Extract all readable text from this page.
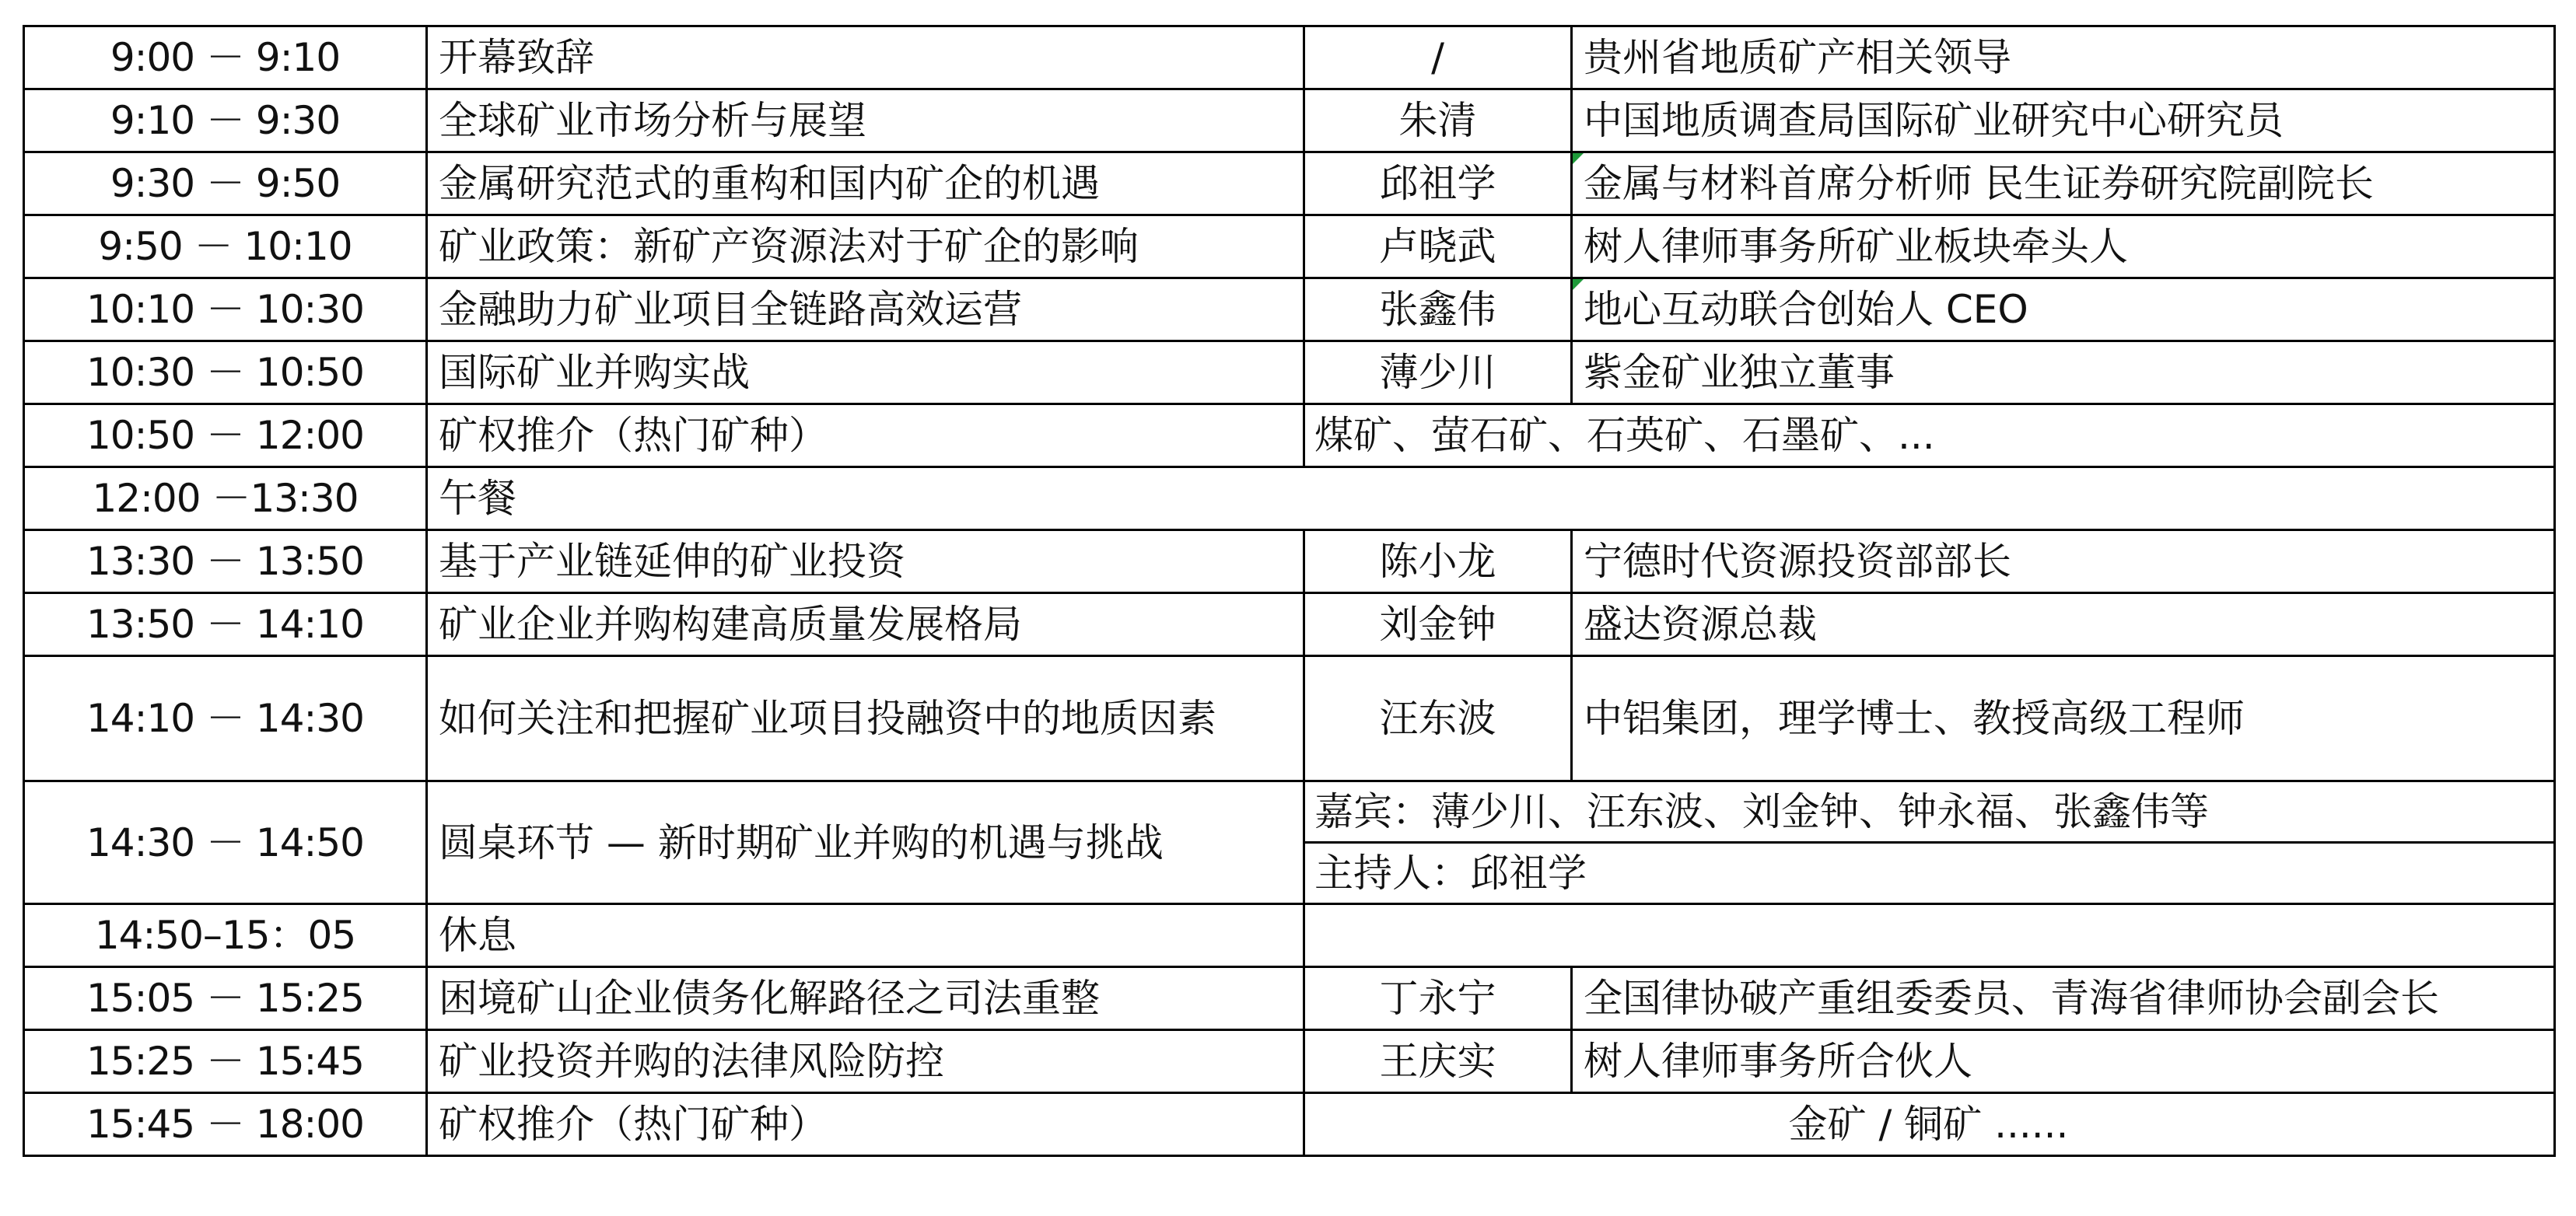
9:00 － 9:10	开幕致辞	/	贵州省地质矿产相关领导
9:10 － 9:30	全球矿业市场分析与展望	朱清	中国地质调查局国际矿业研究中心研究员
9:30 － 9:50	金属研究范式的重构和国内矿企的机遇	邱祖学	金属与材料首席分析师 民生证券研究院副院长
9:50 － 10:10	矿业政策：新矿产资源法对于矿企的影响	卢晓武	树人律师事务所矿业板块牵头人
10:10 － 10:30	金融助力矿业项目全链路高效运营	张鑫伟	地心互动联合创始人 CEO
10:30 － 10:50	国际矿业并购实战	薄少川	紫金矿业独立董事
10:50 － 12:00	矿权推介（热门矿种）	煤矿、萤石矿、石英矿、石墨矿、...	
12:00 －13:30	午餐		
13:30 － 13:50	基于产业链延伸的矿业投资	陈小龙	宁德时代资源投资部部长
13:50 － 14:10	矿业企业并购构建高质量发展格局	刘金钟	盛达资源总裁
14:10 － 14:30	如何关注和把握矿业项目投融资中的地质因素	汪东波	中铝集团，理学博士、教授高级工程师
14:30 － 14:50	圆桌环节 — 新时期矿业并购的机遇与挑战	嘉宾：薄少川、汪东波、刘金钟、钟永福、张鑫伟等	
		主持人：邱祖学	
14:50–15：05	休息		
15:05 － 15:25	困境矿山企业债务化解路径之司法重整	丁永宁	全国律协破产重组委委员、青海省律师协会副会长
15:25 － 15:45	矿业投资并购的法律风险防控	王庆实	树人律师事务所合伙人
15:45 － 18:00	矿权推介（热门矿种）	金矿 / 铜矿 ......	
